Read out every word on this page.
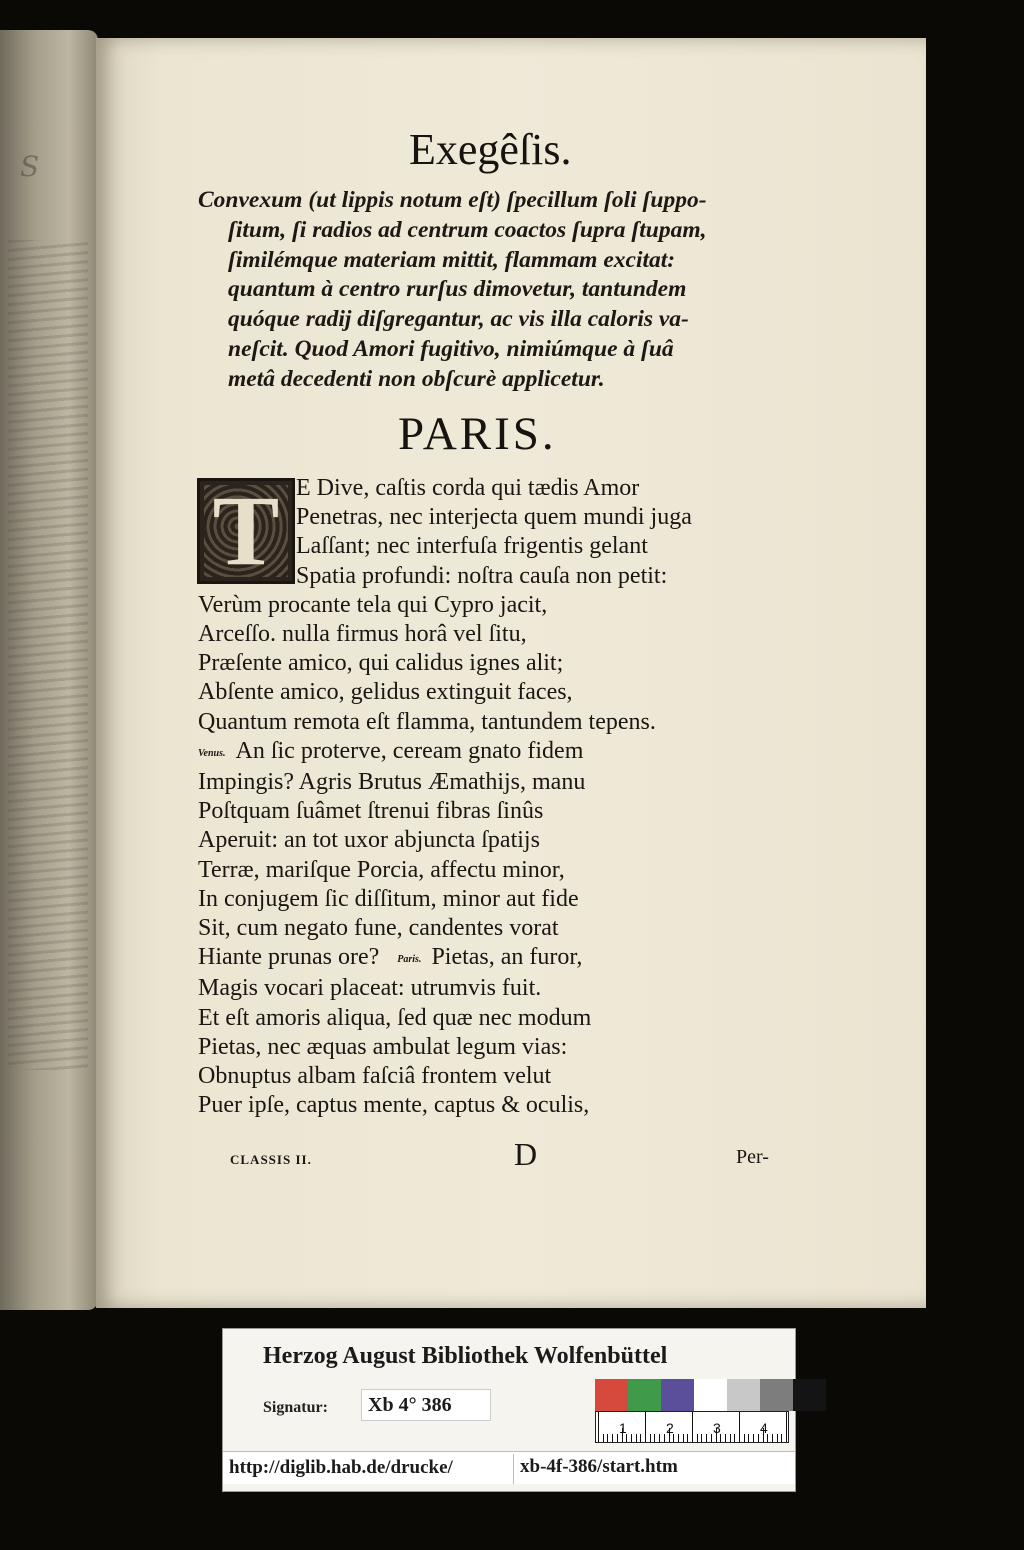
S	Exegêſis.
Convexum (ut lippis notum eſt) ſpecillum ſoli ſuppo-
ſitum, ſi radios ad centrum coactos ſupra ſtupam,
ſimilémque materiam mittit, flammam excitat:
quantum à centro rurſus dimovetur, tantundem
quóque radij diſgregantur, ac vis illa caloris va-
neſcit. Quod Amori fugitivo, nimiúmque à ſuâ
metâ decedenti non obſcurè applicetur.
PARIS.
T E Dive, caſtis corda qui tædis Amor
Penetras, nec interjecta quem mundi juga
Laſſant; nec interfuſa frigentis gelant
Spatia profundi: noſtra cauſa non petit:
Verùm procante tela qui Cypro jacit,
Arceſſo. nulla firmus horâ vel ſitu,
Præſente amico, qui calidus ignes alit;
Abſente amico, gelidus extinguit faces,
Quantum remota eſt flamma, tantundem tepens.
Venus. An ſic proterve, ceream gnato fidem
Impingis? Agris Brutus Æmathijs, manu
Poſtquam ſuâmet ſtrenui fibras ſinûs
Aperuit: an tot uxor abjuncta ſpatijs
Terræ, mariſque Porcia, affectu minor,
In conjugem ſic diſſitum, minor aut fide
Sit, cum negato fune, candentes vorat
Hiante prunas ore? Paris. Pietas, an furor,
Magis vocari placeat: utrumvis fuit.
Et eſt amoris aliqua, ſed quæ nec modum
Pietas, nec æquas ambulat legum vias:
Obnuptus albam faſciâ frontem velut
Puer ipſe, captus mente, captus & oculis,
CLASSIS II.	D	Per-
Herzog August Bibliothek Wolfenbüttel
Signatur:	Xb 4° 386
1	2	3	4
http://diglib.hab.de/drucke/	xb-4f-386/start.htm
